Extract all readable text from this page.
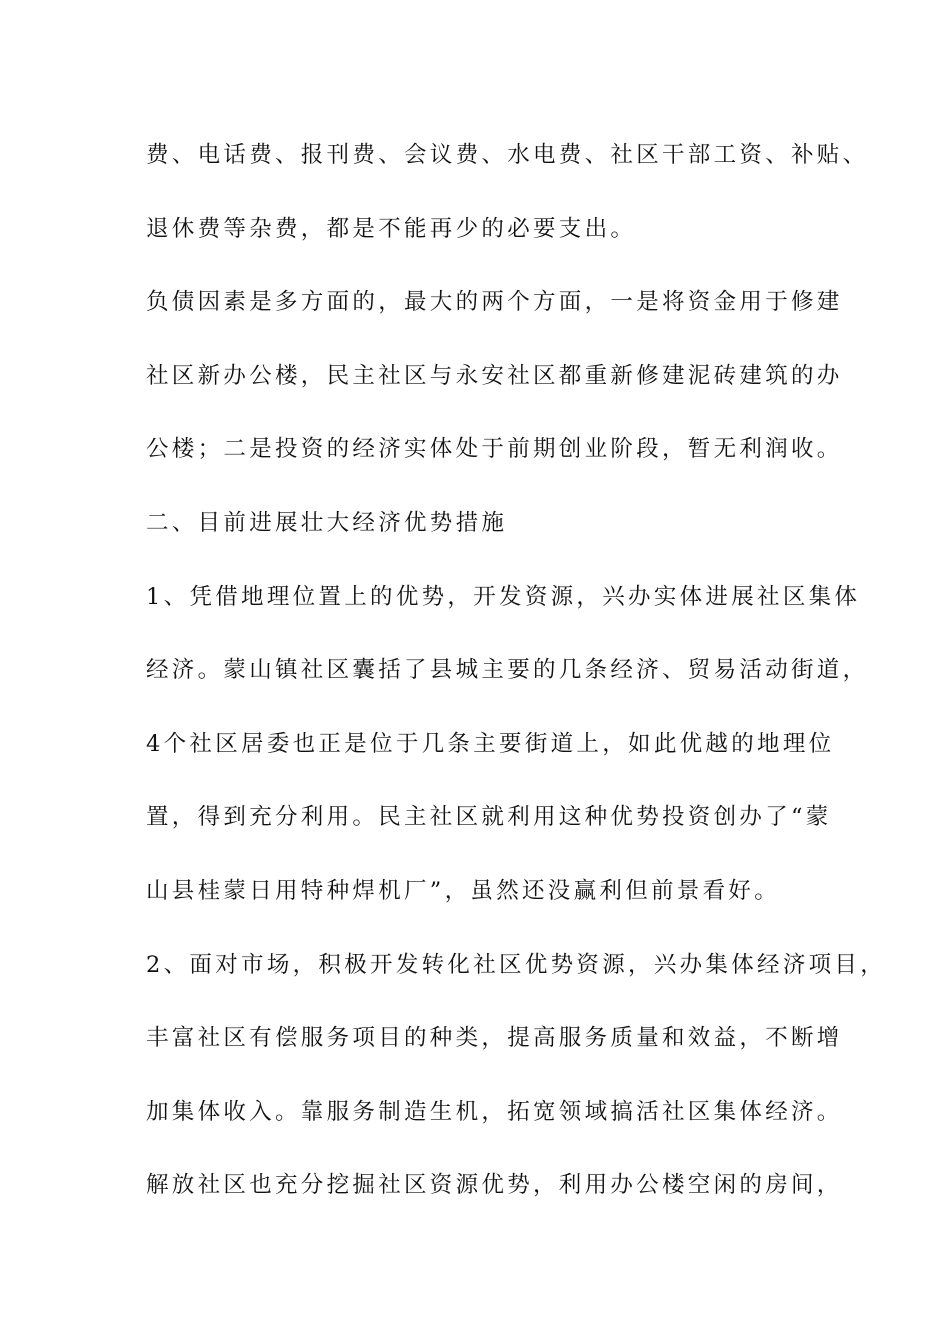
费、电话费、报刊费、会议费、水电费、社区干部工资、补贴、
退休费等杂费，都是不能再少的必要支出。
负债因素是多方面的，最大的两个方面，一是将资金用于修建
社区新办公楼，民主社区与永安社区都重新修建泥砖建筑的办
公楼；二是投资的经济实体处于前期创业阶段，暂无利润收。
二、目前进展壮大经济优势措施
1、凭借地理位置上的优势，开发资源，兴办实体进展社区集体
经济。蒙山镇社区囊括了县城主要的几条经济、贸易活动街道，
4个社区居委也正是位于几条主要街道上，如此优越的地理位
置，得到充分利用。民主社区就利用这种优势投资创办了“蒙
山县桂蒙日用特种焊机厂”，虽然还没赢利但前景看好。
2、面对市场，积极开发转化社区优势资源，兴办集体经济项目，
丰富社区有偿服务项目的种类，提高服务质量和效益，不断增
加集体收入。靠服务制造生机，拓宽领域搞活社区集体经济。
解放社区也充分挖掘社区资源优势，利用办公楼空闲的房间，
